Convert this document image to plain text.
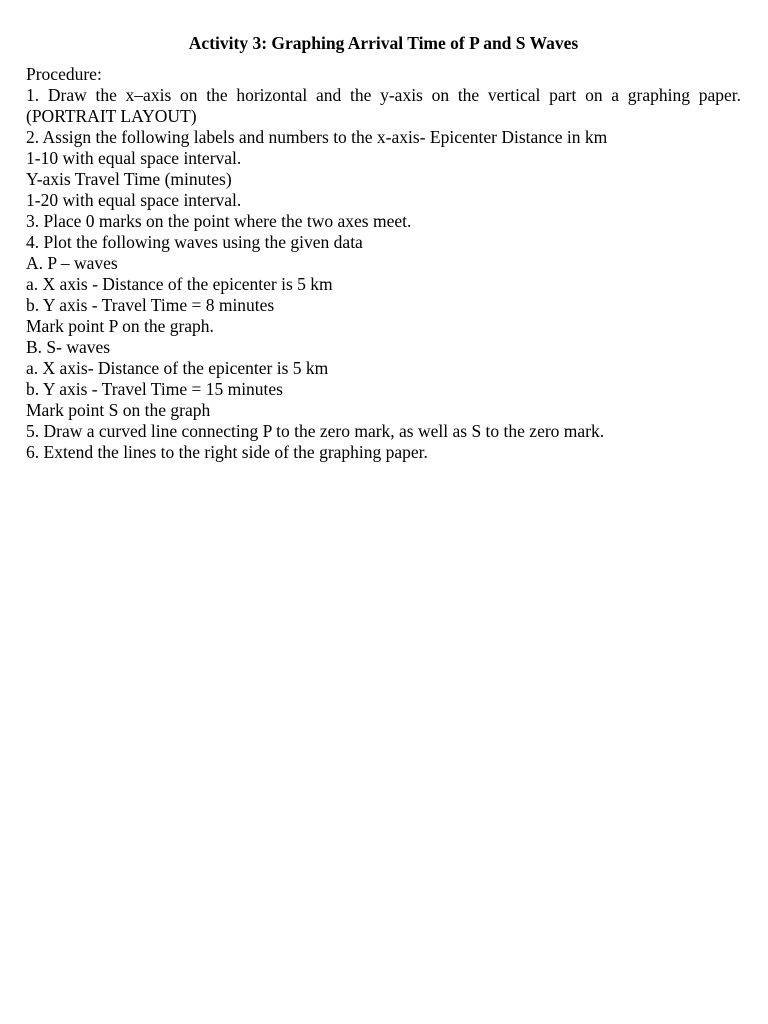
Activity 3: Graphing Arrival Time of P and S Waves
Procedure:
1. Draw the x–axis on the horizontal and the y-axis on the vertical part on a graphing paper.
(PORTRAIT LAYOUT)
2. Assign the following labels and numbers to the x-axis- Epicenter Distance in km
1-10 with equal space interval.
Y-axis Travel Time (minutes)
1-20 with equal space interval.
3. Place 0 marks on the point where the two axes meet.
4. Plot the following waves using the given data
A. P – waves
a. X axis - Distance of the epicenter is 5 km
b. Y axis - Travel Time = 8 minutes
Mark point P on the graph.
B. S- waves
a. X axis- Distance of the epicenter is 5 km
b. Y axis - Travel Time = 15 minutes
Mark point S on the graph
5. Draw a curved line connecting P to the zero mark, as well as S to the zero mark.
6. Extend the lines to the right side of the graphing paper.
